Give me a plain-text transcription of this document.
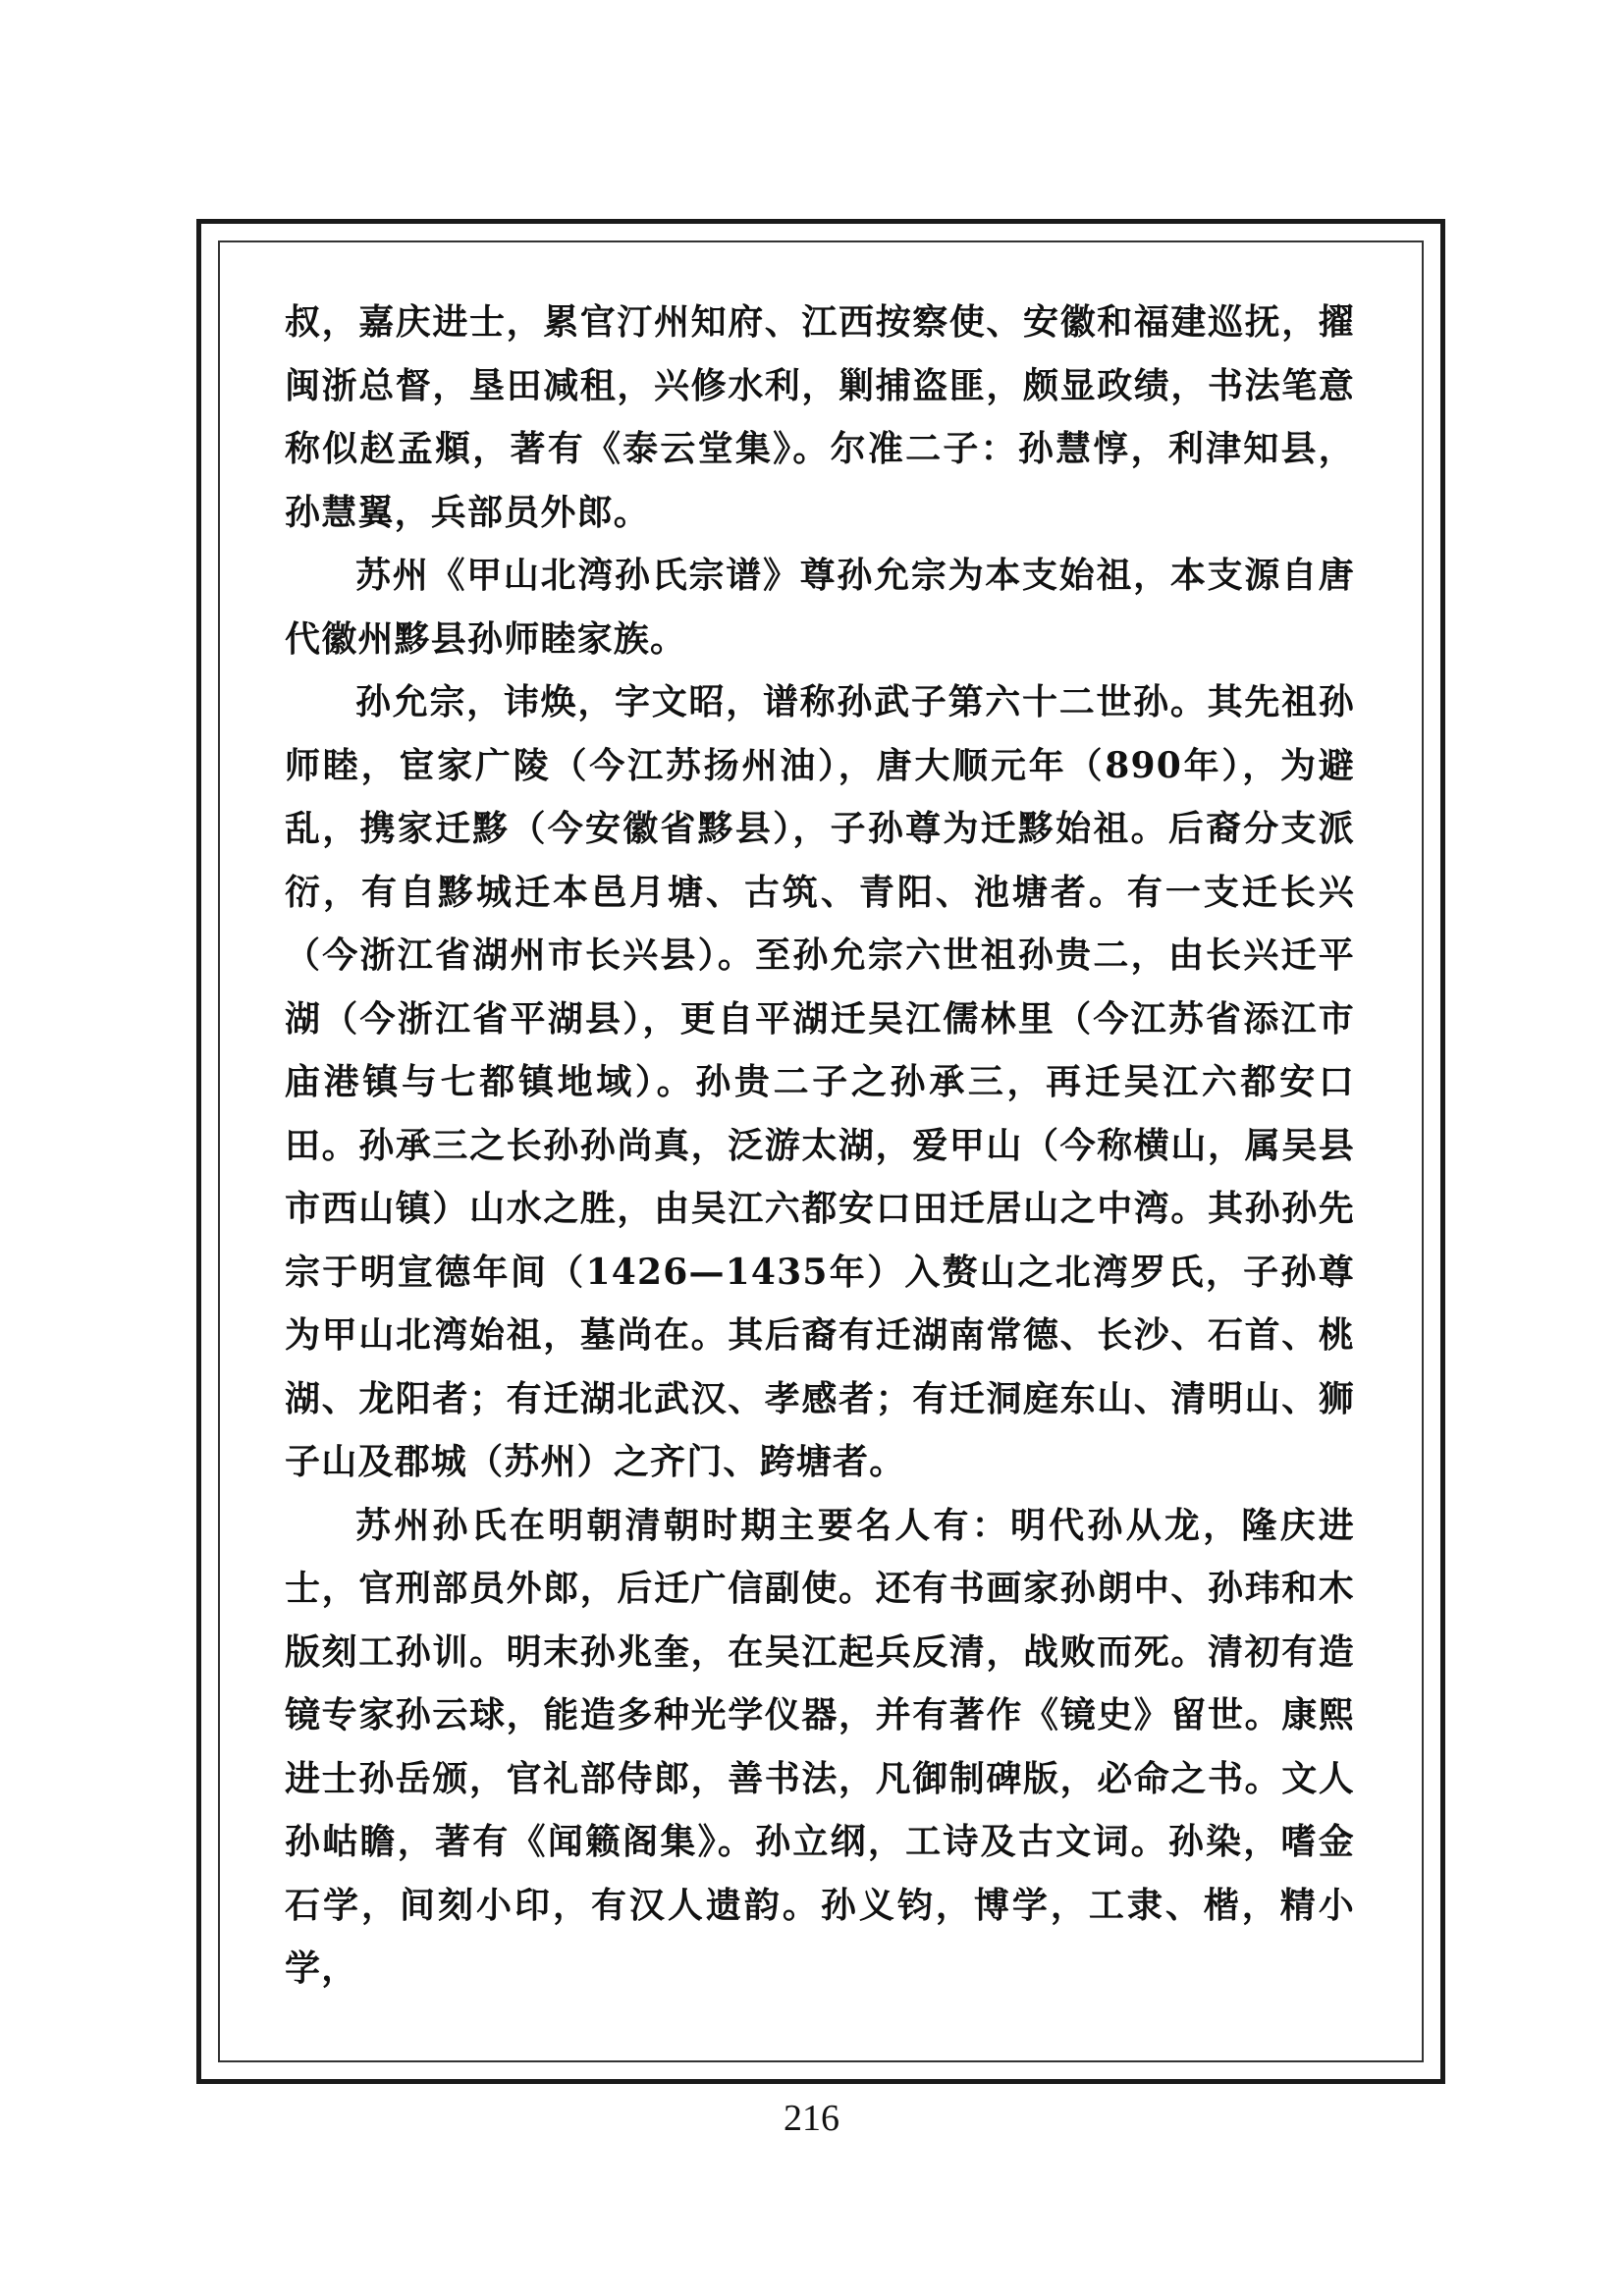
叔，嘉庆进士，累官汀州知府、江西按察使、安徽和福建巡抚，擢闽浙总督，垦田减租，兴修水利，剿捕盗匪，颇显政绩，书法笔意称似赵孟頫，著有《泰云堂集》。尔准二子：孙慧惇，利津知县，孙慧翼，兵部员外郎。

苏州《甲山北湾孙氏宗谱》尊孙允宗为本支始祖，本支源自唐代徽州黟县孙师睦家族。

孙允宗，讳焕，字文昭，谱称孙武子第六十二世孙。其先祖孙师睦，宦家广陵（今江苏扬州油），唐大顺元年（890年），为避乱，携家迁黟（今安徽省黟县），子孙尊为迁黟始祖。后裔分支派衍，有自黟城迁本邑月塘、古筑、青阳、池塘者。有一支迁长兴（今浙江省湖州市长兴县）。至孙允宗六世祖孙贵二，由长兴迁平湖（今浙江省平湖县），更自平湖迁吴江儒林里（今江苏省添江市庙港镇与七都镇地域）。孙贵二子之孙承三，再迁吴江六都安口田。孙承三之长孙孙尚真，泛游太湖，爱甲山（今称横山，属吴县市西山镇）山水之胜，由吴江六都安口田迁居山之中湾。其孙孙先宗于明宣德年间（1426—1435年）入赘山之北湾罗氏，子孙尊为甲山北湾始祖，墓尚在。其后裔有迁湖南常德、长沙、石首、桃湖、龙阳者；有迁湖北武汉、孝感者；有迁洞庭东山、清明山、狮子山及郡城（苏州）之齐门、跨塘者。

苏州孙氏在明朝清朝时期主要名人有：明代孙从龙，隆庆进士，官刑部员外郎，后迁广信副使。还有书画家孙朗中、孙玮和木版刻工孙训。明末孙兆奎，在吴江起兵反清，战败而死。清初有造镜专家孙云球，能造多种光学仪器，并有著作《镜史》留世。康熙进士孙岳颁，官礼部侍郎，善书法，凡御制碑版，必命之书。文人孙岵瞻，著有《闻籁阁集》。孙立纲，工诗及古文词。孙染，嗜金石学，间刻小印，有汉人遗韵。孙义钧，博学，工隶、楷，精小学，

216
